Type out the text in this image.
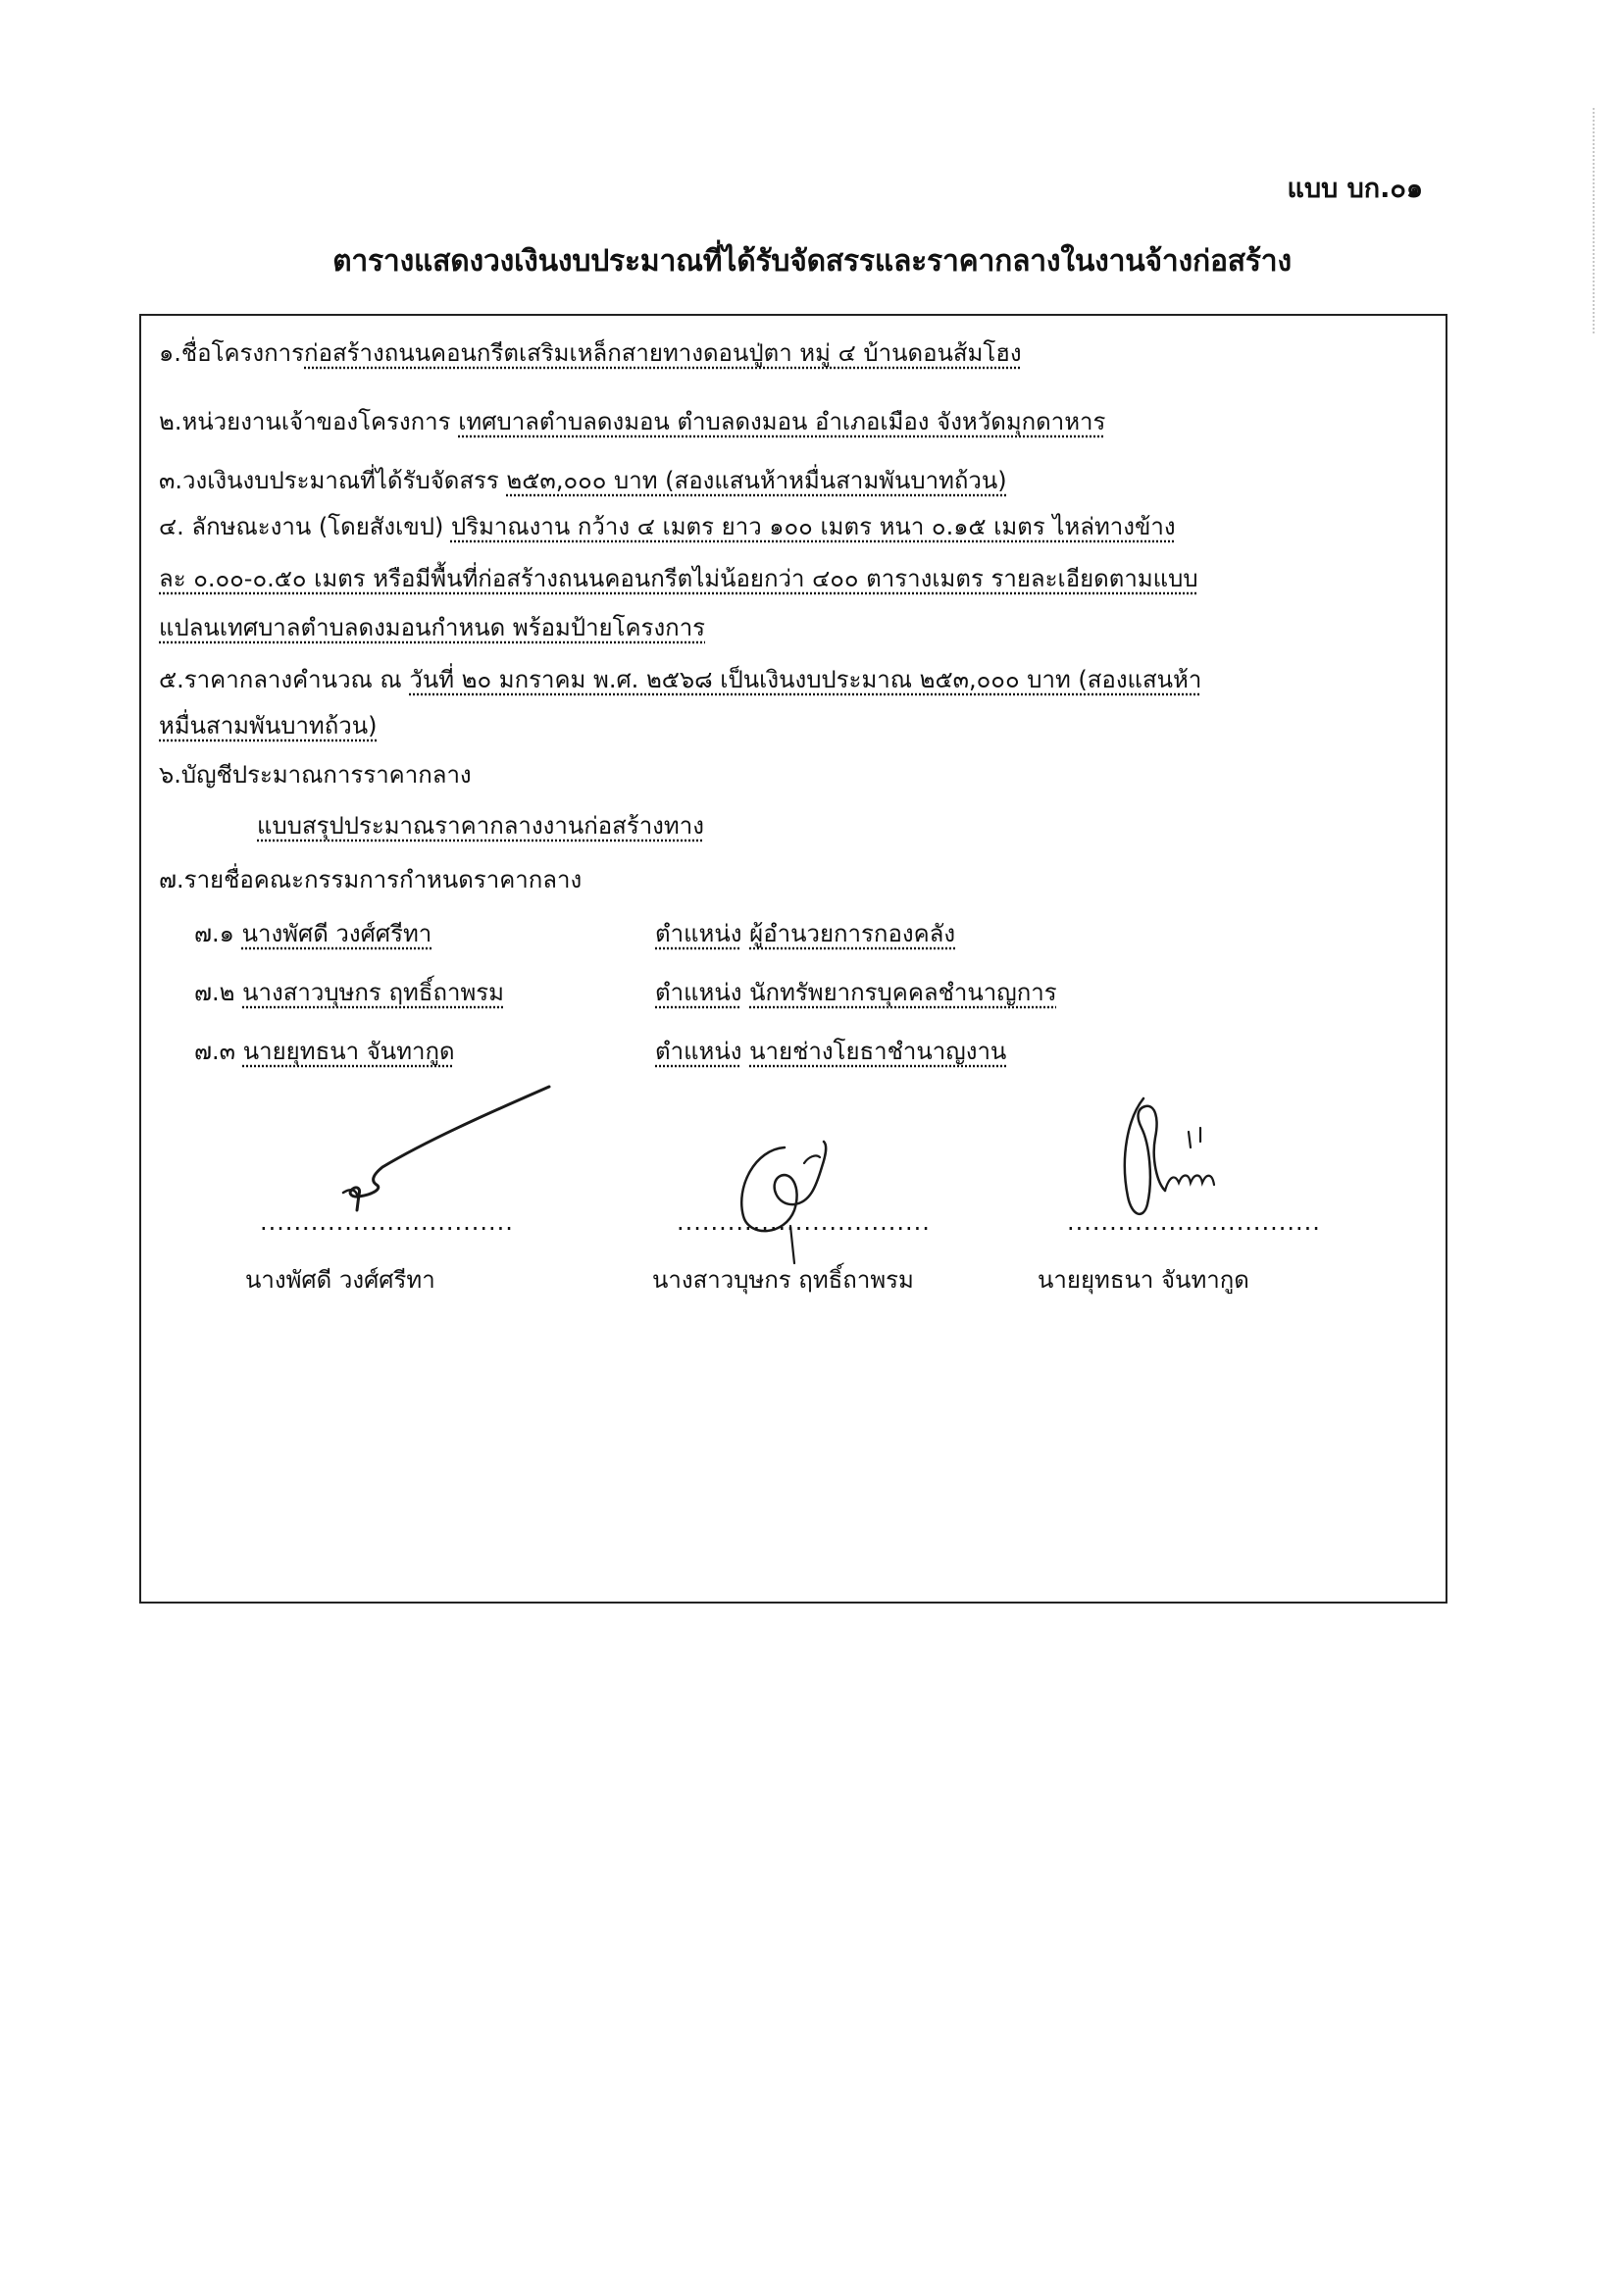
แบบ บก.๐๑
ตารางแสดงวงเงินงบประมาณที่ได้รับจัดสรรและราคากลางในงานจ้างก่อสร้าง
๑.ชื่อโครงการก่อสร้างถนนคอนกรีตเสริมเหล็กสายทางดอนปู่ตา หมู่ ๔ บ้านดอนส้มโฮง
๒.หน่วยงานเจ้าของโครงการ เทศบาลตำบลดงมอน ตำบลดงมอน อำเภอเมือง จังหวัดมุกดาหาร
๓.วงเงินงบประมาณที่ได้รับจัดสรร ๒๕๓,๐๐๐ บาท (สองแสนห้าหมื่นสามพันบาทถ้วน)
๔. ลักษณะงาน (โดยสังเขป) ปริมาณงาน กว้าง ๔ เมตร ยาว ๑๐๐ เมตร หนา ๐.๑๕ เมตร ไหล่ทางข้าง
ละ ๐.๐๐-๐.๕๐ เมตร หรือมีพื้นที่ก่อสร้างถนนคอนกรีตไม่น้อยกว่า ๔๐๐ ตารางเมตร รายละเอียดตามแบบ
แปลนเทศบาลตำบลดงมอนกำหนด พร้อมป้ายโครงการ
๕.ราคากลางคำนวณ ณ วันที่ ๒๐ มกราคม พ.ศ. ๒๕๖๘ เป็นเงินงบประมาณ ๒๕๓,๐๐๐ บาท (สองแสนห้า
หมื่นสามพันบาทถ้วน)
๖.บัญชีประมาณการราคากลาง
แบบสรุปประมาณราคากลางงานก่อสร้างทาง
๗.รายชื่อคณะกรรมการกำหนดราคากลาง
๗.๑ นางพัศดี วงศ์ศรีทา	ตำแหน่ง ผู้อำนวยการกองคลัง
๗.๒ นางสาวบุษกร ฤทธิ์ถาพรม	ตำแหน่ง นักทรัพยากรบุคคลชำนาญการ
๗.๓ นายยุทธนา จันทากูด	ตำแหน่ง นายช่างโยธาชำนาญงาน
..............................	..............................	..............................
นางพัศดี วงศ์ศรีทา	นางสาวบุษกร ฤทธิ์ถาพรม	นายยุทธนา จันทากูด
